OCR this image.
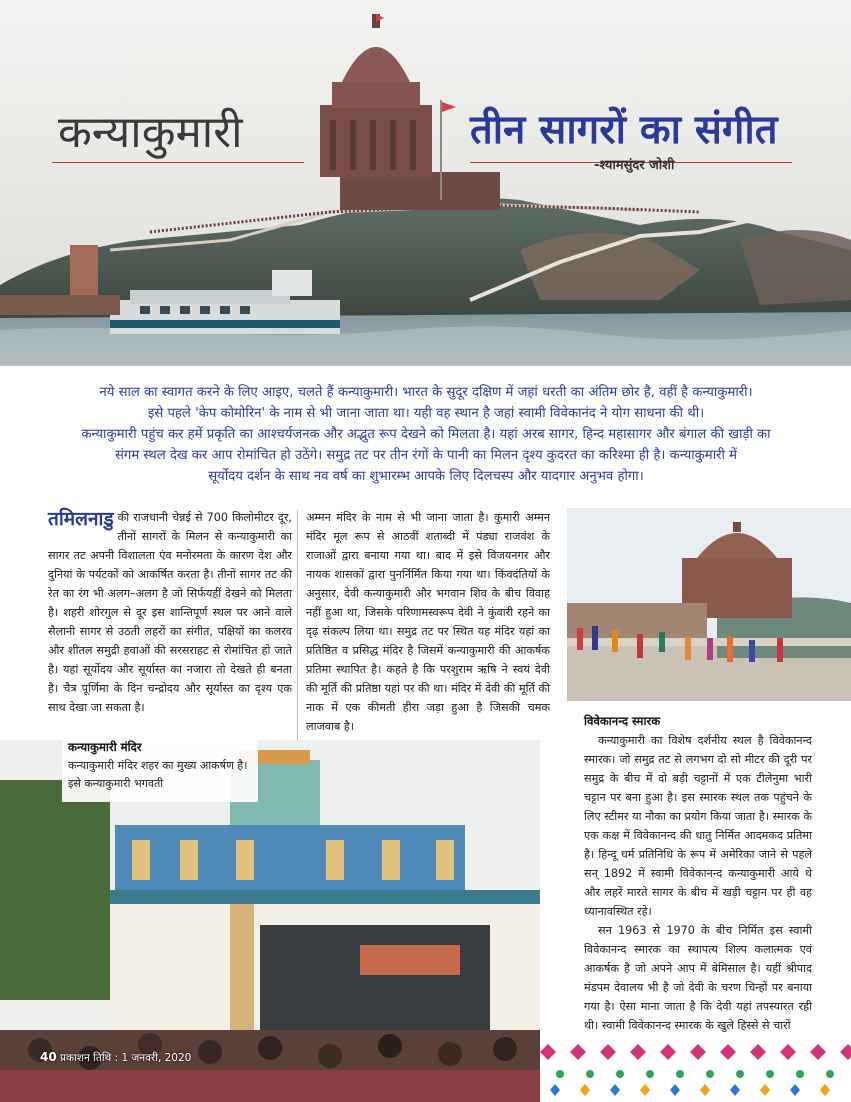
कन्याकुमारी	तीन सागरों का संगीत
-श्यामसुंदर जोशी

नये साल का स्वागत करने के लिए आइए, चलते हैं कन्याकुमारी। भारत के सुदूर दक्षिण में जहां धरती का अंतिम छोर है, वहीं है कन्याकुमारी।

इसे पहले 'केप कोमोरिन' के नाम से भी जाना जाता था। यही वह स्थान है जहां स्वामी विवेकानंद ने योग साधना की थी।

कन्याकुमारी पहुंच कर हमें प्रकृति का आश्चर्यजनक और अद्भुत रूप देखने को मिलता है। यहां अरब सागर, हिन्द महासागर और बंगाल की खाड़ी का

संगम स्थल देख कर आप रोमांचित हो उठेंगे। समुद्र तट पर तीन रंगों के पानी का मिलन दृश्य कुदरत का करिश्मा ही है। कन्याकुमारी में

सूर्योदय दर्शन के साथ नव वर्ष का शुभारम्भ आपके लिए दिलचस्प और यादगार अनुभव होगा।

तमिलनाडु की राजधानी चेन्नई से 700 किलोमीटर दूर, तीनों सागरों के मिलन से कन्याकुमारी का सागर तट अपनी विशालता एंव मनोरमता के कारण देश और दुनियां के पर्यटकों को आकर्षित करता है। तीनों सागर तट की रेत का रंग भी अलग–अलग है जो सिर्फयहीं देखने को मिलता है। शहरी शोरगुल से दूर इस शान्तिपूर्ण स्थल पर आने वाले सैलानी सागर से उठती लहरों का संगीत, पक्षियों का कलरव और शीतल समुद्री हवाओं की सरसराहट से रोमांचित हो जाते है। यहां सूर्योदय और सूर्यास्त का नजारा तो देखते ही बनता है। चैत्र पूर्णिमा के दिन चन्द्रोदय और सूर्यास्त का दृश्य एक साथ देखा जा सकता है।
अम्मन मंदिर के नाम से भी जाना जाता है। कुमारी अम्मन मंदिर मूल रूप से आठवीं शताब्दी में पंड्या राजवंश के राजाओं द्वारा बनाया गया था। बाद में इसे विजयनगर और नायक शासकों द्वारा पुनर्निर्मित किया गया था। किंवदंतियों के अनुसार, देवी कन्याकुमारी और भगवान शिव के बीच विवाह नहीं हुआ था, जिसके परिणामस्वरूप देवी ने कुंवारी रहने का दृढ़ संकल्प लिया था। समुद्र तट पर स्थित यह मंदिर यहां का प्रतिष्ठित व प्रसिद्ध मंदिर है जिसमें कन्याकुमारी की आकर्षक प्रतिमा स्थापित है। कहते है कि परशुराम ऋषि ने स्वयं देवी की मूर्ति की प्रतिष्ठा यहां पर की था। मंदिर में देवी की मूर्ति की नाक में एक कीमती हीरा जड़ा हुआ है जिसकी चमक लाजवाब है।	विवेकानन्द स्मारक

कन्याकुमारी का विशेष दर्शनीय स्थल है विवेकानन्द स्मारक। जो समुद्र तट से लगभग दो सो मीटर की दूरी पर समुद्र के बीच में दो बड़ी चट्टानों में एक टीलेनुमा भारी चट्टान पर बना हुआ है। इस स्मारक स्थल तक पहुंचने के लिए स्टीमर या नौका का प्रयोग किया जाता है। स्मारक के एक कक्ष में विवेकानन्द की धातु निर्मित आदमकद प्रतिमा है। हिन्दू धर्म प्रतिनिधि के रूप में अमेरिका जाने से पहले सन् 1892 में स्वामी विवेकानन्द कन्याकुमारी आये थे और लहरें मारते सागर के बीच में खड़ी चट्टान पर ही वह ध्यानावस्थित रहे।

सन 1963 से 1970 के बीच निर्मित इस स्वामी विवेकानन्द स्मारक का स्थापत्य शिल्प कलात्मक एवं आकर्षक है जो अपने आप में बेमिसाल है। यहीं श्रीपाद मंडपम देवालय भी है जो देवी के चरण चिन्हों पर बनाया गया है। ऐसा माना जाता है कि देवी यहां तपस्यारत रही थी। स्वामी विवेकानन्द स्मारक के खुले हिस्से से चारों

कन्याकुमारी मंदिर
कन्याकुमारी मंदिर शहर का मुख्य आकर्षण है। इसे कन्याकुमारी भगवती
40 प्रकाशन तिथि : 1 जनवरी, 2020
